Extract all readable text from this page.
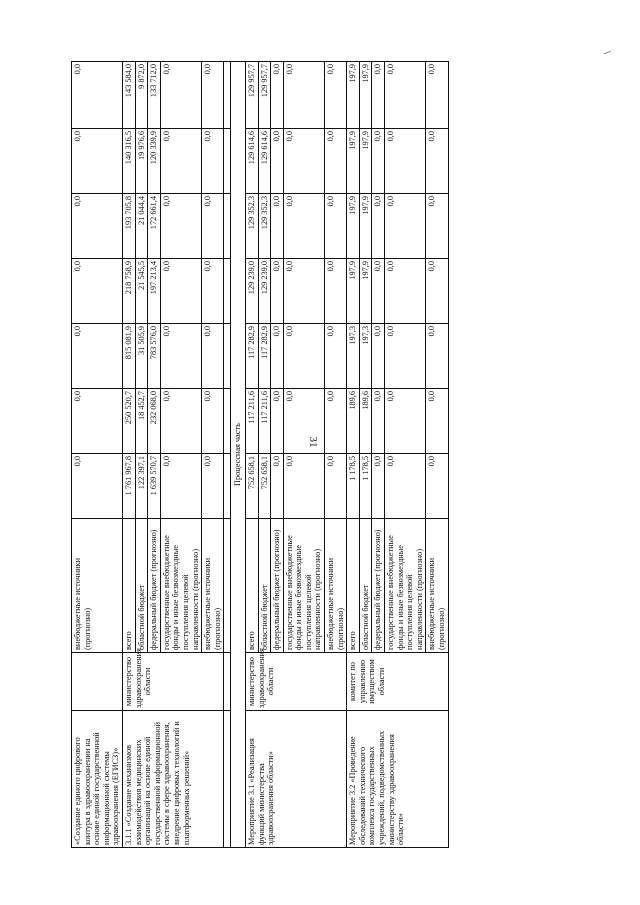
31
«Создание единого цифрового контура в здравоохранении на основе единой государственной информационной системы здравоохранения (ЕГИСЗ)»		внебюджетные источники (прогнозно)	0,0	0,0	0,0	0,0	0,0	0,0	0,0
3.1.1 «Создание механизмов взаимодействия медицинских организаций на основе единой государственной информационной системы в сфере здравоохранения, внедрение цифровых технологий и платформенных решений»	министерство здравоохранения области	всего	1 761 967,8	250 520,7	815 081,9	218 758,9	193 705,8	140 316,5	143 584,0
		областной бюджет	122 397,1	18 452,7	31 505,9	21 545,5	21 044,4	19 976,6	9 872,0
		федеральный бюджет (прогнозно)	1 639 570,7	232 068,0	783 576,0	197 213,4	172 661,4	120 339,9	133 712,0
		государственные внебюджетные фонды и иные безвозмездные поступления целевой направленности (прогнозно)	0,0	0,0	0,0	0,0	0,0	0,0	0,0
		внебюджетные источники (прогнозно)	0,0	0,0	0,0	0,0	0,0	0,0	0,0

Процессная часть									
Мероприятие 3.1 «Реализация функций министерства здравоохранения области»	министерство здравоохранения области	всего	752 658,1	117 211,6	117 282,9	129 239,0	129 352,3	129 614,6	129 957,7
		областной бюджет	752 658,1	117 211,6	117 282,9	129 239,0	129 352,3	129 614,6	129 957,7
		федеральный бюджет (прогнозно)	0,0	0,0	0,0	0,0	0,0	0,0	0,0
		государственные внебюджетные фонды и иные безвозмездные поступления целевой направленности (прогнозно)	0,0	0,0	0,0	0,0	0,0	0,0	0,0
		внебюджетные источники (прогнозно)	0,0	0,0	0,0	0,0	0,0	0,0	0,0
Мероприятие 3.2 «Проведение обследований технического комплекса государственных учреждений, подведомственных министерству здравоохранения области»	комитет по управлению имуществом области	всего	1 178,5	189,6	197,3	197,9	197,9	197,9	197,9
		областной бюджет	1 178,5	189,6	197,3	197,9	197,9	197,9	197,9
		федеральный бюджет (прогнозно)	0,0	0,0	0,0	0,0	0,0	0,0	0,0
		государственные внебюджетные фонды и иные безвозмездные поступления целевой направленности (прогнозно)	0,0	0,0	0,0	0,0	0,0	0,0	0,0
		внебюджетные источники (прогнозно)	0,0	0,0	0,0	0,0	0,0	0,0	0,0
